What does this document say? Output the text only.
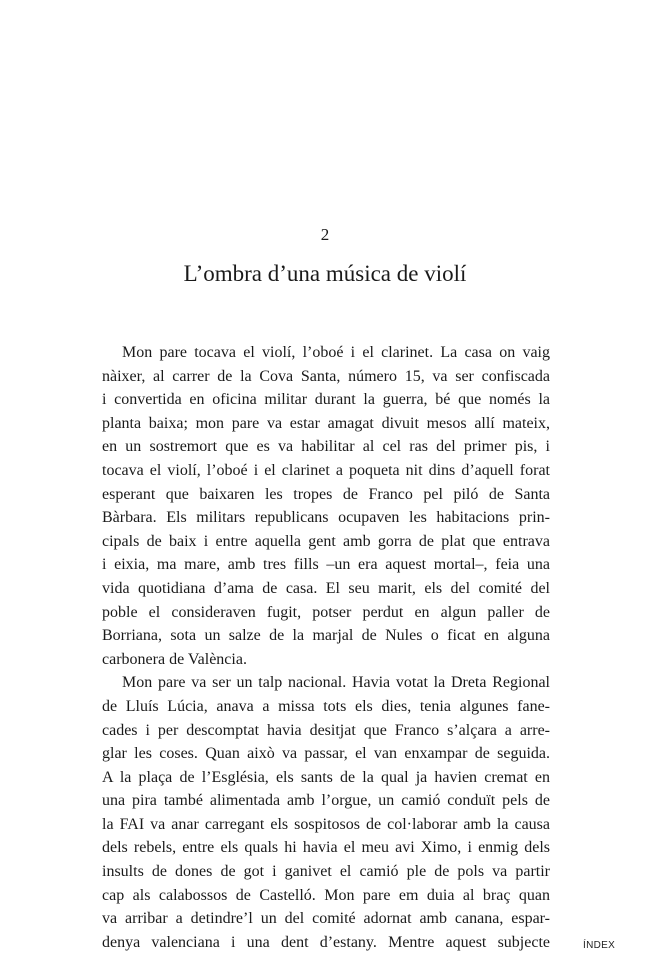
2
L’ombra d’una música de violí
Mon pare tocava el violí, l’oboé i el clarinet. La casa on vaig
nàixer, al carrer de la Cova Santa, número 15, va ser confiscada
i convertida en oficina militar durant la guerra, bé que només la
planta baixa; mon pare va estar amagat divuit mesos allí mateix,
en un sostremort que es va habilitar al cel ras del primer pis, i
tocava el violí, l’oboé i el clarinet a poqueta nit dins d’aquell forat
esperant que baixaren les tropes de Franco pel piló de Santa
Bàrbara. Els militars republicans ocupaven les habitacions prin-
cipals de baix i entre aquella gent amb gorra de plat que entrava
i eixia, ma mare, amb tres fills –un era aquest mortal–, feia una
vida quotidiana d’ama de casa. El seu marit, els del comité del
poble el consideraven fugit, potser perdut en algun paller de
Borriana, sota un salze de la marjal de Nules o ficat en alguna
carbonera de València.
Mon pare va ser un talp nacional. Havia votat la Dreta Regional
de Lluís Lúcia, anava a missa tots els dies, tenia algunes fane-
cades i per descomptat havia desitjat que Franco s’alçara a arre-
glar les coses. Quan això va passar, el van enxampar de seguida.
A la plaça de l’Església, els sants de la qual ja havien cremat en
una pira també alimentada amb l’orgue, un camió conduït pels de
la FAI va anar carregant els sospitosos de col·laborar amb la causa
dels rebels, entre els quals hi havia el meu avi Ximo, i enmig dels
insults de dones de got i ganivet el camió ple de pols va partir
cap als calabossos de Castelló. Mon pare em duia al braç quan
va arribar a detindre’l un del comité adornat amb canana, espar-
denya valenciana i una dent d’estany. Mentre aquest subjecte	ÍNDEX
